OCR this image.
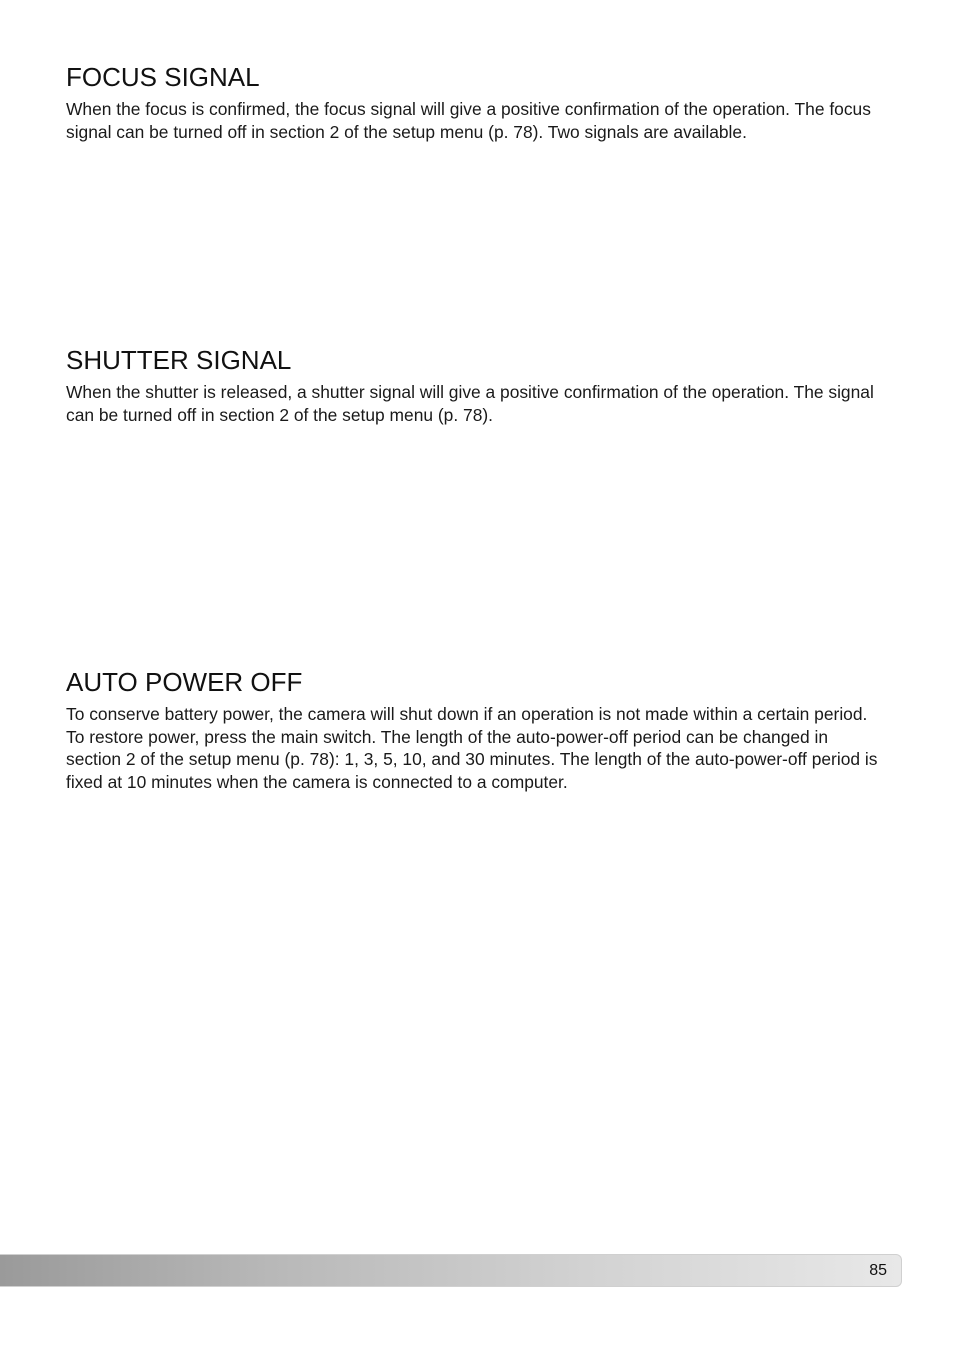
FOCUS SIGNAL

When the focus is confirmed, the focus signal will give a positive confirmation of the operation. The focus signal can be turned off in section 2 of the setup menu (p. 78). Two signals are available.

SHUTTER SIGNAL

When the shutter is released, a shutter signal will give a positive confirmation of the operation. The signal can be turned off in section 2 of the setup menu (p. 78).

AUTO POWER OFF

To conserve battery power, the camera will shut down if an operation is not made within a certain period. To restore power, press the main switch. The length of the auto-power-off period can be changed in section 2 of the setup menu (p. 78): 1, 3, 5, 10, and 30 minutes. The length of the auto-power-off period is fixed at 10 minutes when the camera is connected to a computer.

85
